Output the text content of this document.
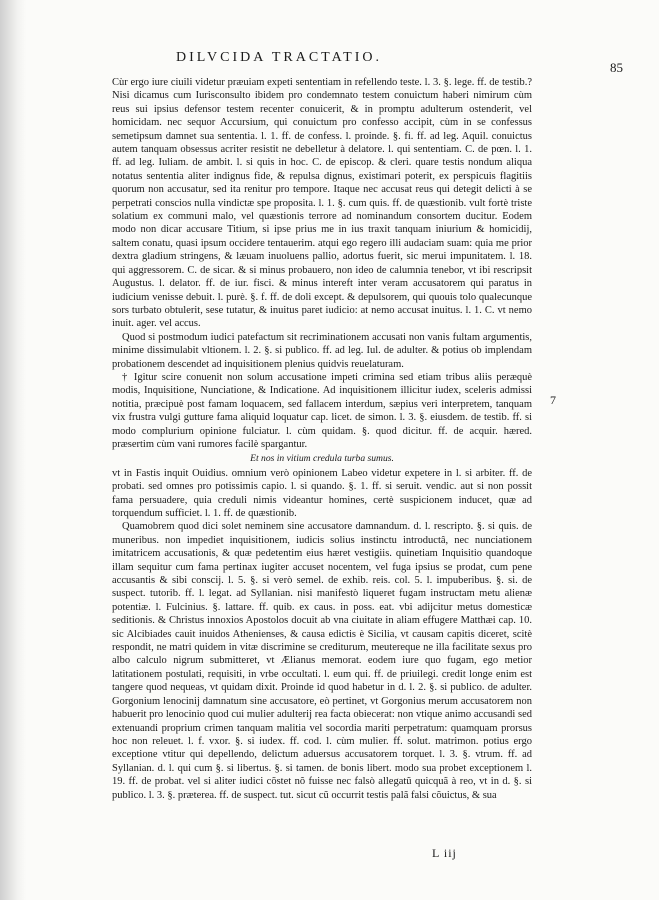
DILVCIDA TRACTATIO.
85

Cùr ergo iure ciuili videtur præuiam expeti sententiam in refellendo teste. l. 3. §. lege. ff. de testib.? Nisi dicamus cum Iurisconsulto ibidem pro condemnato testem conuictum haberi nimirum cùm reus sui ipsius defensor testem recenter conuicerit, & in promptu adulterum ostenderit, vel homicidam. nec sequor Accursium, qui conuictum pro confesso accipit, cùm in se confessus semetipsum damnet sua sententia. l. 1. ff. de confess. l. proinde. §. fi. ff. ad leg. Aquil. conuictus autem tanquam obsessus acriter resistit ne debelletur à delatore. l. qui sententiam. C. de pœn. l. 1. ff. ad leg. Iuliam. de ambit. l. si quis in hoc. C. de episcop. & cleri. quare testis nondum aliqua notatus sententia aliter indignus fide, & repulsa dignus, existimari poterit, ex perspicuis flagitiis quorum non accusatur, sed ita renitur pro tempore. Itaque nec accusat reus qui detegit delicti à se perpetrati conscios nulla vindictæ spe proposita. l. 1. §. cum quis. ff. de quæstionib. vult fortè triste solatium ex communi malo, vel quæstionis terrore ad nominandum consortem ducitur. Eodem modo non dicar accusare Titium, si ipse prius me in ius traxit tanquam iniurium & homicidij, saltem conatu, quasi ipsum occidere tentauerim. atqui ego regero illi audaciam suam: quia me prior dextra gladium stringens, & læuam inuoluens pallio, adortus fuerit, sic merui impunitatem. l. 18. qui aggressorem. C. de sicar. & si minus probauero, non ideo de calumnia tenebor, vt ibi rescripsit Augustus. l. delator. ff. de iur. fisci. & minus intereft inter veram accusatorem qui paratus in iudicium venisse debuit. l. purè. §. f. ff. de doli except. & depulsorem, qui quouis tolo qualecunque sors turbato obtulerit, sese tutatur, & inuitus paret iudicio: at nemo accusat inuitus. l. 1. C. vt nemo inuit. ager. vel accus.

Quod si postmodum iudici patefactum sit recriminationem accusati non vanis fultam argumentis, minime dissimulabit vltionem. l. 2. §. si publico. ff. ad leg. Iul. de adulter. & potius ob implendam probationem descendet ad inquisitionem plenius quidvis reuelaturam.

† Igitur scire conuenit non solum accusatione impeti crimina sed etiam tribus aliis peræquè modis, Inquisitione, Nunciatione, & Indicatione. Ad inquisitionem illicitur iudex, sceleris admissi notitia, præcipuè post famam loquacem, sed fallacem interdum, sæpius veri interpretem, tanquam vix frustra vulgi gutture fama aliquid loquatur cap. licet. de simon. l. 3. §. eiusdem. de testib. ff. si modo compluriurn opinione fulciatur. l. cùm quidam. §. quod dicitur. ff. de acquir. hæred. præsertim cùm vani rumores facilè spargantur.

Et nos in vitium credula turba sumus.

vt in Fastis inquit Ouidius. omnium verò opinionem Labeo videtur expetere in l. si arbiter. ff. de probati. sed omnes pro potissimis capio. l. si quando. §. 1. ff. si seruit. vendic. aut si non possit fama persuadere, quia creduli nimis videantur homines, certè suspicionem inducet, quæ ad torquendum sufficiet. l. 1. ff. de quæstionib.

Quamobrem quod dici solet neminem sine accusatore damnandum. d. l. rescripto. §. si quis. de muneribus. non impediet inquisitionem, iudicis solius instinctu introductâ, nec nunciationem imitatricem accusationis, & quæ pedetentim eius hæret vestigiis. quinetiam Inquisitio quandoque illam sequitur cum fama pertinax iugiter accuset nocentem, vel fuga ipsius se prodat, cum pene accusantis & sibi conscij. l. 5. §. si verò semel. de exhib. reis. col. 5. l. impuberibus. §. si. de suspect. tutorib. ff. l. legat. ad Syllanian. nisi manifestò liqueret fugam instructam metu alienæ potentiæ. l. Fulcinius. §. lattare. ff. quib. ex caus. in poss. eat. vbi adijcitur metus domesticæ seditionis. & Christus innoxios Apostolos docuit ab vna ciuitate in aliam effugere Matthæi cap. 10. sic Alcibiades cauit inuidos Athenienses, & causa edictis è Sicilia, vt causam capitis diceret, scitè respondit, ne matri quidem in vitæ discrimine se crediturum, meutereque ne illa facilitate sexus pro albo calculo nigrum submitteret, vt Ælianus memorat. eodem iure quo fugam, ego metior latitationem postulati, requisiti, in vrbe occultati. l. eum qui. ff. de priuilegi. credit longe enim est tangere quod nequeas, vt quidam dixit. Proinde id quod habetur in d. l. 2. §. si publico. de adulter. Gorgonium lenocinij damnatum sine accusatore, eò pertinet, vt Gorgonius merum accusatorem non habuerit pro lenocinio quod cui mulier adulterij rea facta obiecerat: non vtique animo accusandi sed extenuandi proprium crimen tanquam malitia vel socordia mariti perpetratum: quamquam prorsus hoc non releuet. l. f. vxor. §. si iudex. ff. cod. l. cùm mulier. ff. solut. matrimon. potius ergo exceptione vtitur qui depellendo, delictum aduersus accusatorem torquet. l. 3. §. vtrum. ff. ad Syllanian. d. l. qui cum §. si libertus. §. si tamen. de bonis libert. modo sua probet exceptionem l. 19. ff. de probat. vel si aliter iudici cõstet nõ fuisse nec falsò allegatũ quicquã à reo, vt in d. §. si publico. l. 3. §. præterea. ff. de suspect. tut. sicut cũ occurrit testis palã falsi cõuictus, & sua

7
L iij
